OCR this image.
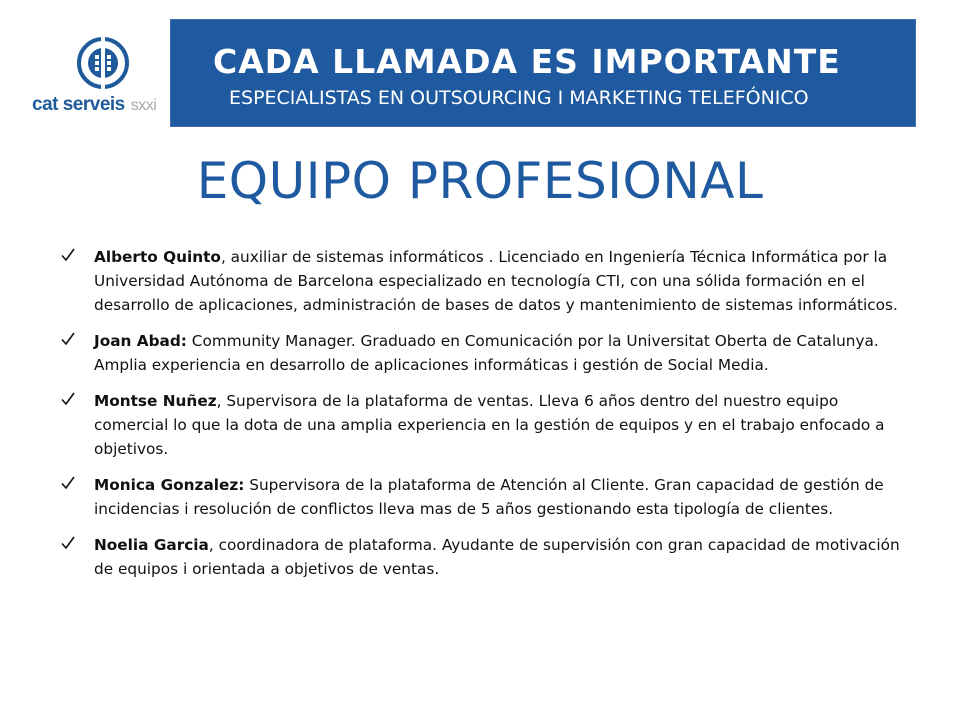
cat serveis sxxi
CADA LLAMADA ES IMPORTANTE
ESPECIALISTAS EN OUTSOURCING I MARKETING TELEFÓNICO
EQUIPO PROFESIONAL
Alberto Quinto, auxiliar de sistemas informáticos . Licenciado en Ingeniería Técnica Informática por la Universidad Autónoma de Barcelona especializado en tecnología CTI, con una sólida formación en el desarrollo de aplicaciones, administración de bases de datos y mantenimiento de sistemas informáticos.
Joan Abad: Community Manager. Graduado en Comunicación por la Universitat Oberta de Catalunya. Amplia experiencia en desarrollo de aplicaciones informáticas i gestión de Social Media.
Montse Nuñez, Supervisora de la plataforma de ventas. Lleva 6 años dentro del nuestro equipo comercial lo que la dota de una amplia experiencia en la gestión de equipos y en el trabajo enfocado a objetivos.
Monica Gonzalez: Supervisora de la plataforma de Atención al Cliente. Gran capacidad de gestión de incidencias i resolución de conflictos lleva mas de 5 años gestionando esta tipología de clientes.
Noelia Garcia, coordinadora de plataforma. Ayudante de supervisión con gran capacidad de motivación de equipos i orientada a objetivos de ventas.
